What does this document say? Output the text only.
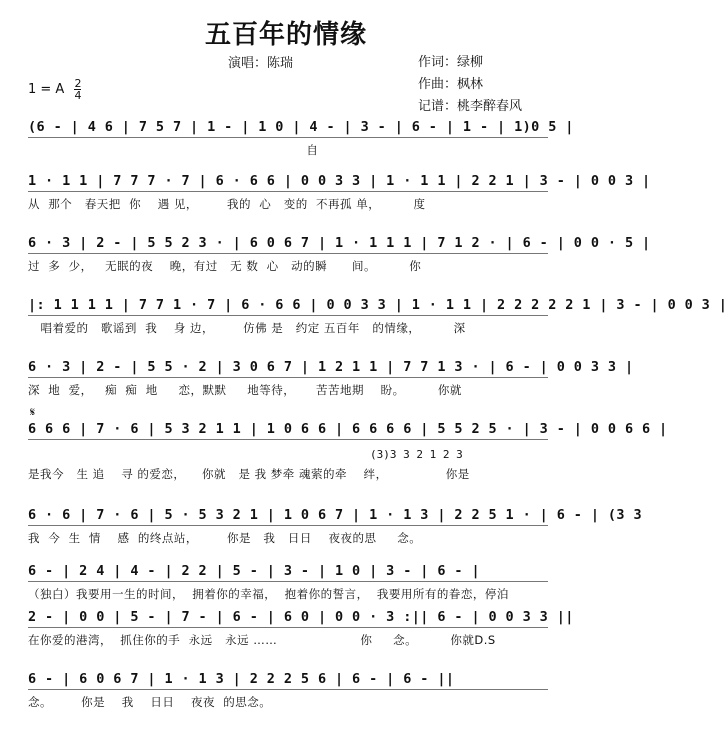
五百年的情缘
演唱：陈瑞	作词：绿柳
作曲：枫林
记谱：桃李醉春风
1 = A $\frac{2}{4}$
(6 - | 4 6 | 7 5 7 | 1 - | 1 0 | 4 - | 3 - | 6 - | 1 - | 1)0 5 |
自
1 · 1 1 | 7 7 7 · 7 | 6 · 6 6 | 0 0 3 3 | 1 · 1 1 | 2 2 1 | 3 - | 0 0 3 |
从  那个   春天把  你    遇 见，       我的  心   变的  不再孤 单，        度
6 · 3 | 2 - | 5 5 2 3 · | 6 0 6 7 | 1 · 1 1 1 | 7 1 2 · | 6 - | 0 0 · 5 |
过  多  少，   无眠的夜    晚，有过   无 数  心   动的瞬      间。        你
|: 1 1 1 1 | 7 7 1 · 7 | 6 · 6 6 | 0 0 3 3 | 1 · 1 1 | 2 2 2 2 2 1 | 3 - | 0 0 3 |
唱着爱的   歌谣到  我    身 边，       仿佛 是   约定 五百年   的情缘，        深
6 · 3 | 2 - | 5 5 · 2 | 3 0 6 7 | 1 2 1 1 | 7 7 1 3 · | 6 - | 0 0 3 3 |
深  地  爱，   痴  痴  地     恋，默默     地等待，     苦苦地期    盼。        你就
𝄋
6 6 6 | 7 · 6 | 5 3 2 1 1 | 1 0 6 6 | 6 6 6 6 | 5 5 2 5 · | 3 - | 0 0 6 6 |
是我今   生 追    寻 的爱恋，    你就   是 我 梦牵 魂萦的牵    绊，              你是
(3)3 3 2 1 2 3
6 · 6 | 7 · 6 | 5 · 5 3 2 1 | 1 0 6 7 | 1 · 1 3 | 2 2 5 1 · | 6 - | (3 3
我  今  生  情    感  的终点站，       你是   我   日日    夜夜的思     念。
6 - | 2 4 | 4 - | 2 2 | 5 - | 3 - | 1 0 | 3 - | 6 - |
（独白）我要用一生的时间，  拥着你的幸福，  抱着你的誓言，  我要用所有的眷恋，停泊
2 - | 0 0 | 5 - | 7 - | 6 - | 6 0 | 0 0 · 3 :|| 6 - | 0 0 3 3 ||
在你爱的港湾，  抓住你的手  永远   永远 ……                    你     念。        你就D.S
6 - | 6 0 6 7 | 1 · 1 3 | 2 2 2 5 6 | 6 - | 6 - ||
念。       你是    我    日日    夜夜  的思念。
